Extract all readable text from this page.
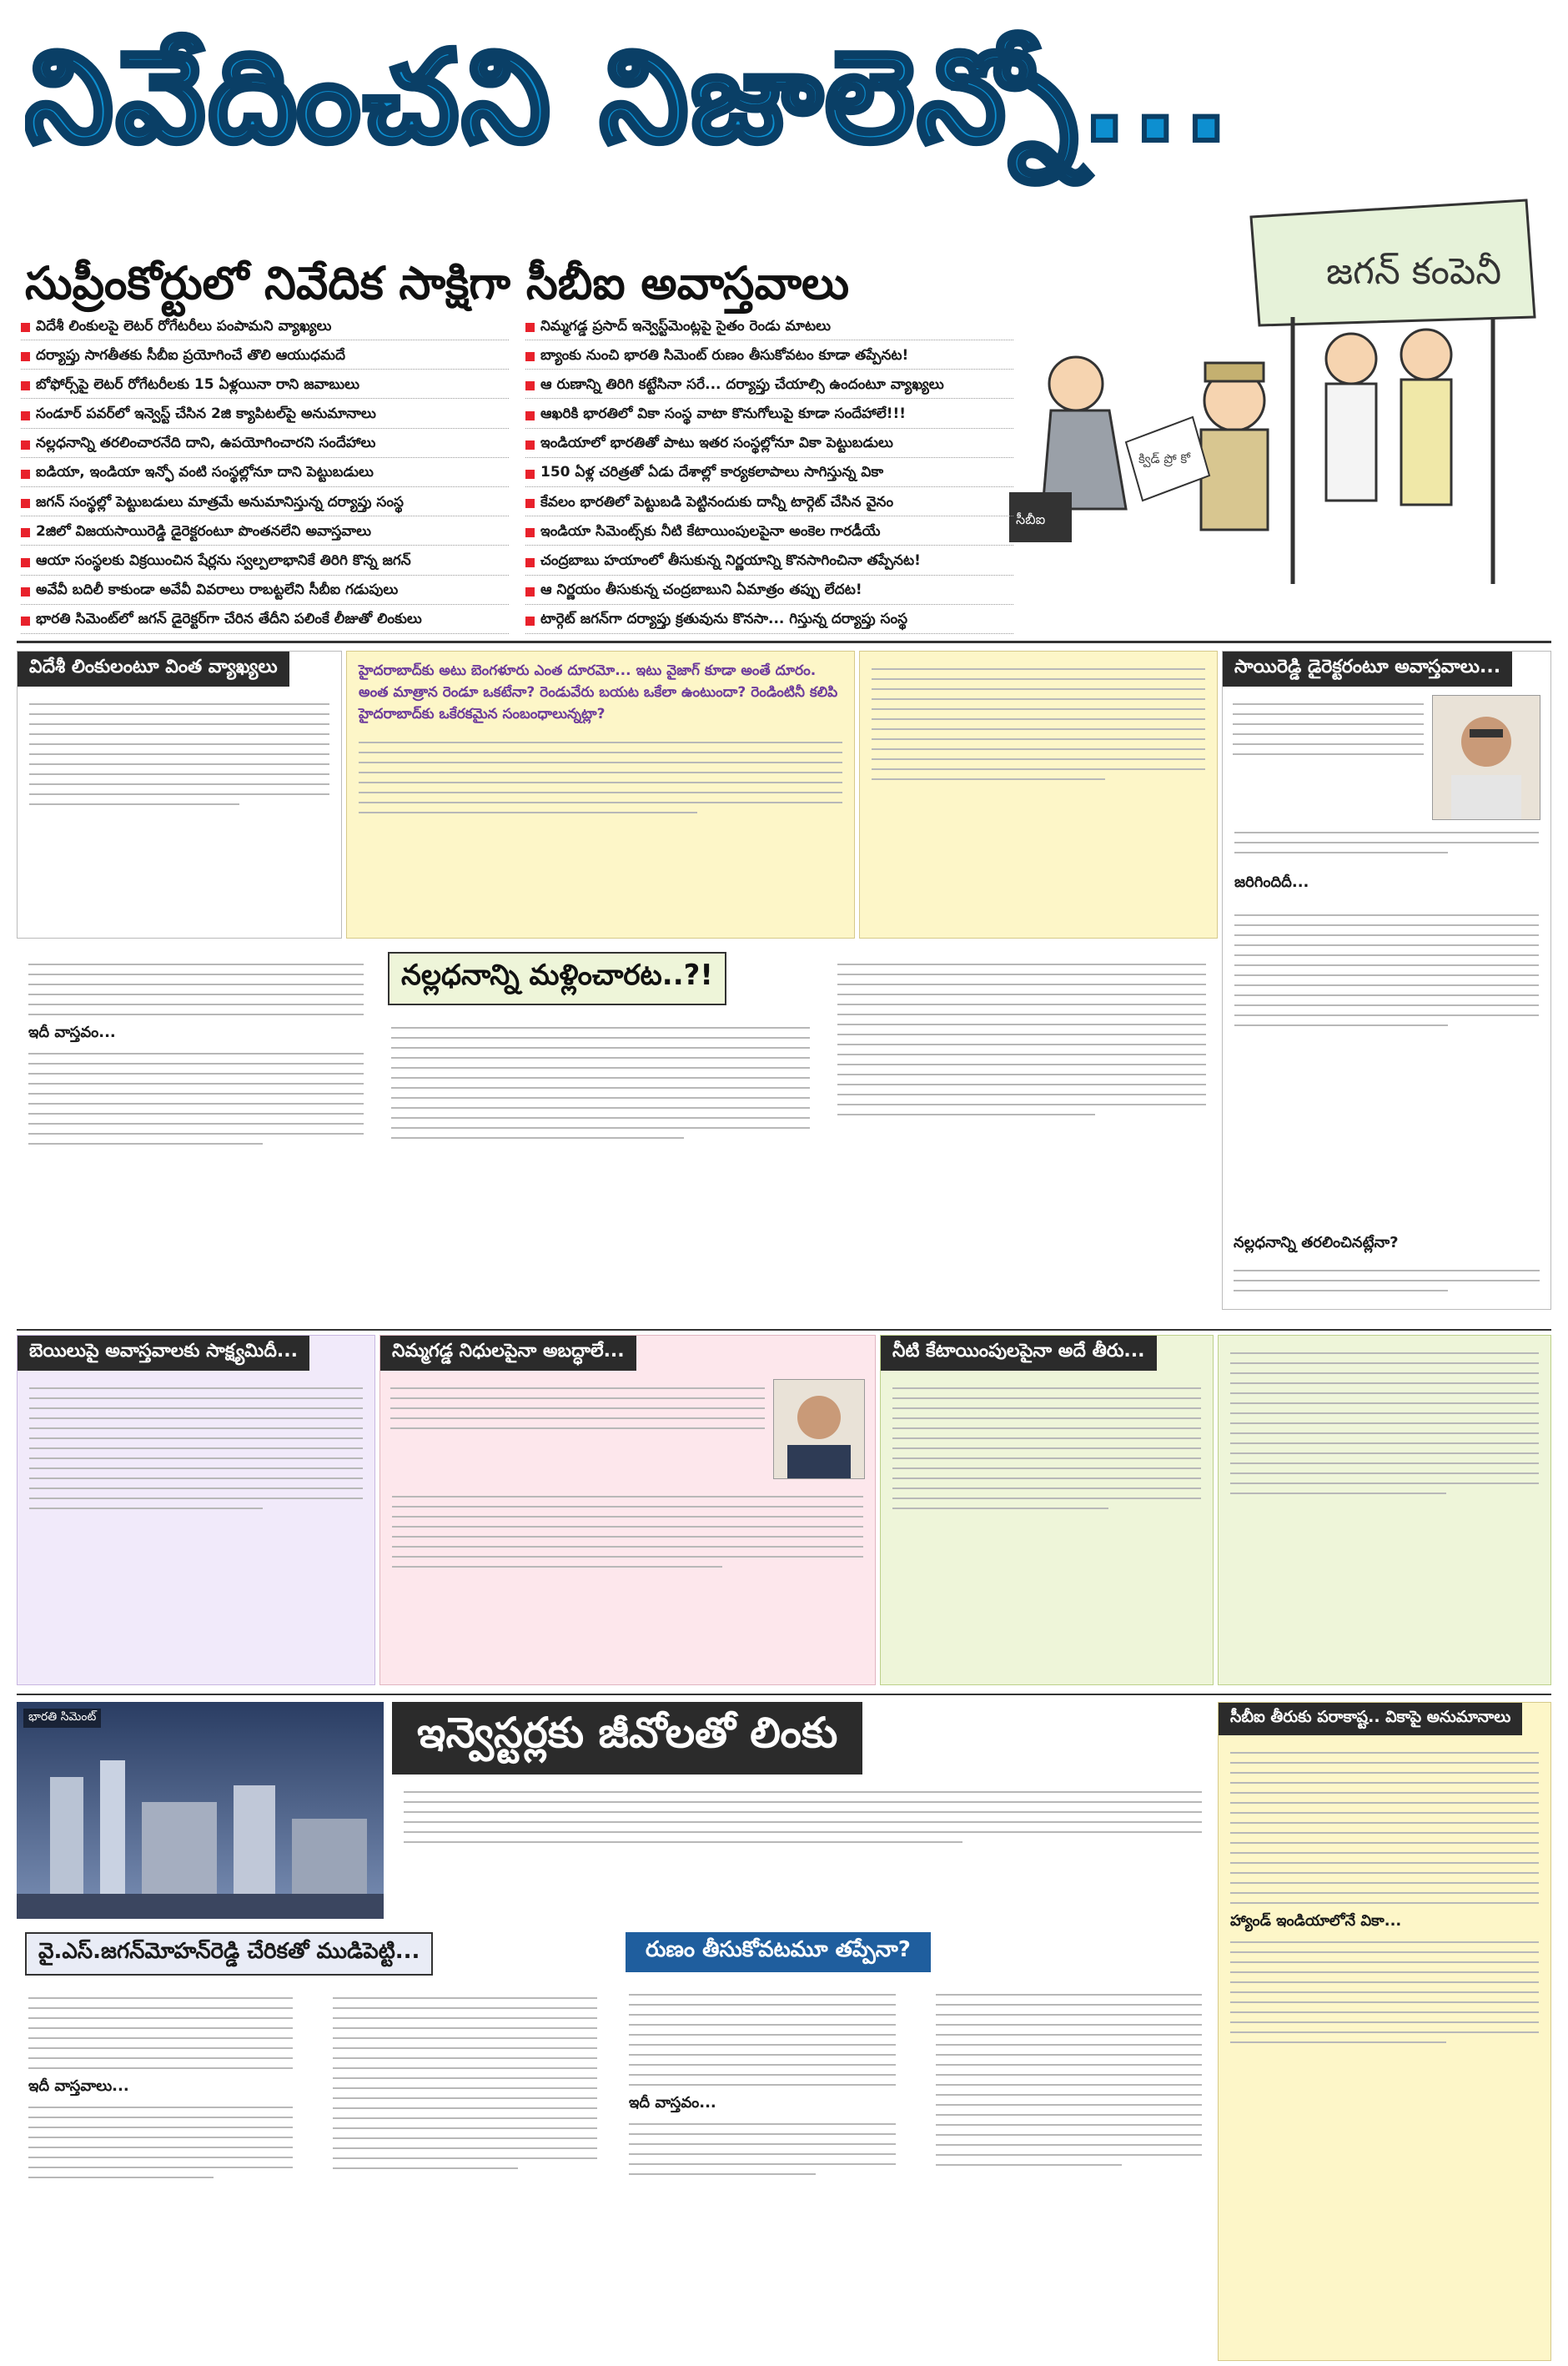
నివేదించని నిజాలెన్నో...
జగన్ కంపెనీ
సీబీఐ
క్విడ్ ప్రో కో
సుప్రీంకోర్టులో నివేదిక సాక్షిగా సీబీఐ అవాస్తవాలు
విదేశీ లింకులపై లెటర్ రోగేటరీలు పంపామని వ్యాఖ్యలు
దర్యాప్తు సాగతీతకు సీబీఐ ప్రయోగించే తొలి ఆయుధమదే
బోఫోర్స్‌పై లెటర్ రోగేటరీలకు 15 ఏళ్లయినా రాని జవాబులు
సండూర్ పవర్‌లో ఇన్వెస్ట్ చేసిన 2జి క్యాపిటల్‌పై అనుమానాలు
నల్లధనాన్ని తరలించారనేది దాని, ఉపయోగించారని సందేహాలు
ఐడియా, ఇండియా ఇన్ఫో వంటి సంస్థల్లోనూ దాని పెట్టుబడులు
జగన్ సంస్థల్లో పెట్టుబడులు మాత్రమే అనుమానిస్తున్న దర్యాప్తు సంస్థ
2జిలో విజయసాయిరెడ్డి డైరెక్టరంటూ పొంతనలేని అవాస్తవాలు
ఆయా సంస్థలకు విక్రయించిన షేర్లను స్వల్పలాభానికే తిరిగి కొన్న జగన్
అవేవీ బదిలీ కాకుండా అవేవీ వివరాలు రాబట్టలేని సీబీఐ గడుపులు
భారతి సిమెంట్‌లో జగన్ డైరెక్టర్‌గా చేరిన తేదీని పలింకే లీజుతో లింకులు
నిమ్మగడ్డ ప్రసాద్ ఇన్వెస్ట్‌మెంట్లపై సైతం రెండు మాటలు
బ్యాంకు నుంచి భారతి సిమెంట్ రుణం తీసుకోవటం కూడా తప్పేనట!
ఆ రుణాన్ని తిరిగి కట్టేసినా సరే... దర్యాప్తు చేయాల్సి ఉందంటూ వ్యాఖ్యలు
ఆఖరికి భారతిలో వికా సంస్థ వాటా కొనుగోలుపై కూడా సందేహాలే!!!
ఇండియాలో భారతితో పాటు ఇతర సంస్థల్లోనూ వికా పెట్టుబడులు
150 ఏళ్ల చరిత్రతో ఏడు దేశాల్లో కార్యకలాపాలు సాగిస్తున్న వికా
కేవలం భారతిలో పెట్టుబడి పెట్టినందుకు దాన్నీ టార్గెట్ చేసిన వైనం
ఇండియా సిమెంట్స్‌కు నీటి కేటాయింపులపైనా అంకెల గారడీయే
చంద్రబాబు హయాంలో తీసుకున్న నిర్ణయాన్ని కొనసాగించినా తప్పేనట!
ఆ నిర్ణయం తీసుకున్న చంద్రబాబుని ఏమాత్రం తప్పు లేదట!
టార్గెట్ జగన్‌గా దర్యాప్తు క్రతువును కొనసా... గిస్తున్న దర్యాప్తు సంస్థ
విదేశీ లింకులంటూ వింత వ్యాఖ్యలు	హైదరాబాద్‌కు అటు బెంగళూరు ఎంత దూరమో... ఇటు వైజాగ్ కూడా అంతే దూరం. అంత మాత్రాన రెండూ ఒకటేనా? రెండువేరు బయట ఒకేలా ఉంటుందా? రెండింటినీ కలిపి హైదరాబాద్‌కు ఒకేరకమైన సంబంధాలున్నట్లా?
సాయిరెడ్డి డైరెక్టరంటూ అవాస్తవాలు...
జరిగిందిదీ...
ఇదీ వాస్తవం...
నల్లధనాన్ని మళ్లించారట..?!
నల్లధనాన్ని తరలించినట్లేనా?
బెయిలుపై అవాస్తవాలకు సాక్ష్యమిదీ...	నిమ్మగడ్డ నిధులపైనా అబద్ధాలే...	నీటి కేటాయింపులపైనా అదే తీరు...
భారతి సిమెంట్	ఇన్వెస్టర్లకు జీవోలతో లింకు	సీబీఐ తీరుకు పరాకాష్ట.. వికాపై అనుమానాలు
హ్యాండ్ ఇండియాలోనే వికా...
వై.ఎస్.జగన్‌మోహన్‌రెడ్డి చేరికతో ముడిపెట్టి...
ఇదీ వాస్తవాలు...
రుణం తీసుకోవటమూ తప్పేనా?
ఇదీ వాస్తవం...
